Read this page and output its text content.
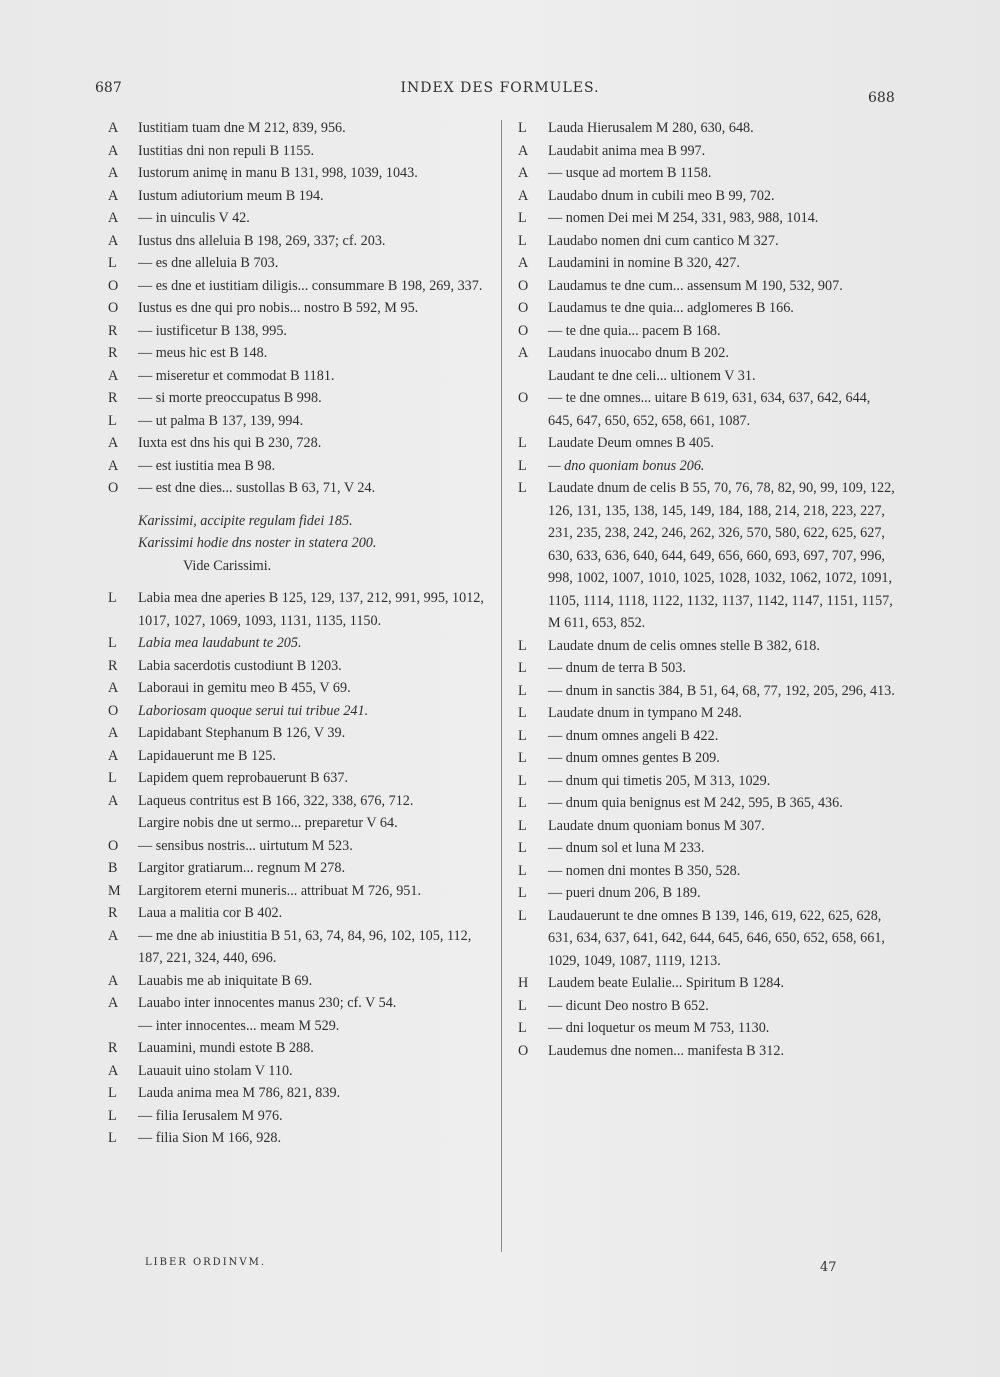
687	INDEX DES FORMULES.
688
A	Iustitiam tuam dne M 212, 839, 956.
A	Iustitias dni non repuli B 1155.
A	Iustorum animę in manu B 131, 998, 1039, 1043.
A	Iustum adiutorium meum B 194.
A	— in uinculis V 42.
A	Iustus dns alleluia B 198, 269, 337; cf. 203.
L	— es dne alleluia B 703.
O	— es dne et iustitiam diligis... consummare B 198, 269, 337.
O	Iustus es dne qui pro nobis... nostro B 592, M 95.
R	— iustificetur B 138, 995.
R	— meus hic est B 148.
A	— miseretur et commodat B 1181.
R	— si morte preoccupatus B 998.
L	— ut palma B 137, 139, 994.
A	Iuxta est dns his qui B 230, 728.
A	— est iustitia mea B 98.
O	— est dne dies... sustollas B 63, 71, V 24.
Karissimi, accipite regulam fidei 185.
Karissimi hodie dns noster in statera 200.
Vide Carissimi.
L	Labia mea dne aperies B 125, 129, 137, 212, 991, 995, 1012, 1017, 1027, 1069, 1093, 1131, 1135, 1150.
L	Labia mea laudabunt te 205.
R	Labia sacerdotis custodiunt B 1203.
A	Laboraui in gemitu meo B 455, V 69.
O	Laboriosam quoque serui tui tribue 241.
A	Lapidabant Stephanum B 126, V 39.
A	Lapidauerunt me B 125.
L	Lapidem quem reprobauerunt B 637.
A	Laqueus contritus est B 166, 322, 338, 676, 712.
Largire nobis dne ut sermo... preparetur V 64.
O	— sensibus nostris... uirtutum M 523.
B	Largitor gratiarum... regnum M 278.
M	Largitorem eterni muneris... attribuat M 726, 951.
R	Laua a malitia cor B 402.
A	— me dne ab iniustitia B 51, 63, 74, 84, 96, 102, 105, 112, 187, 221, 324, 440, 696.
A	Lauabis me ab iniquitate B 69.
A	Lauabo inter innocentes manus 230; cf. V 54.
— inter innocentes... meam M 529.
R	Lauamini, mundi estote B 288.
A	Lauauit uino stolam V 110.
L	Lauda anima mea M 786, 821, 839.
L	— filia Ierusalem M 976.
L	— filia Sion M 166, 928.
L	Lauda Hierusalem M 280, 630, 648.
A	Laudabit anima mea B 997.
A	— usque ad mortem B 1158.
A	Laudabo dnum in cubili meo B 99, 702.
L	— nomen Dei mei M 254, 331, 983, 988, 1014.
L	Laudabo nomen dni cum cantico M 327.
A	Laudamini in nomine B 320, 427.
O	Laudamus te dne cum... assensum M 190, 532, 907.
O	Laudamus te dne quia... adglomeres B 166.
O	— te dne quia... pacem B 168.
A	Laudans inuocabo dnum B 202.
Laudant te dne celi... ultionem V 31.
O	— te dne omnes... uitare B 619, 631, 634, 637, 642, 644, 645, 647, 650, 652, 658, 661, 1087.
L	Laudate Deum omnes B 405.
L	— dno quoniam bonus 206.
L	Laudate dnum de celis B 55, 70, 76, 78, 82, 90, 99, 109, 122, 126, 131, 135, 138, 145, 149, 184, 188, 214, 218, 223, 227, 231, 235, 238, 242, 246, 262, 326, 570, 580, 622, 625, 627, 630, 633, 636, 640, 644, 649, 656, 660, 693, 697, 707, 996, 998, 1002, 1007, 1010, 1025, 1028, 1032, 1062, 1072, 1091, 1105, 1114, 1118, 1122, 1132, 1137, 1142, 1147, 1151, 1157, M 611, 653, 852.
L	Laudate dnum de celis omnes stelle B 382, 618.
L	— dnum de terra B 503.
L	— dnum in sanctis 384, B 51, 64, 68, 77, 192, 205, 296, 413.
L	Laudate dnum in tympano M 248.
L	— dnum omnes angeli B 422.
L	— dnum omnes gentes B 209.
L	— dnum qui timetis 205, M 313, 1029.
L	— dnum quia benignus est M 242, 595, B 365, 436.
L	Laudate dnum quoniam bonus M 307.
L	— dnum sol et luna M 233.
L	— nomen dni montes B 350, 528.
L	— pueri dnum 206, B 189.
L	Laudauerunt te dne omnes B 139, 146, 619, 622, 625, 628, 631, 634, 637, 641, 642, 644, 645, 646, 650, 652, 658, 661, 1029, 1049, 1087, 1119, 1213.
H	Laudem beate Eulalie... Spiritum B 1284.
L	— dicunt Deo nostro B 652.
L	— dni loquetur os meum M 753, 1130.
O	Laudemus dne nomen... manifesta B 312.
LIBER ORDINVM.	47
